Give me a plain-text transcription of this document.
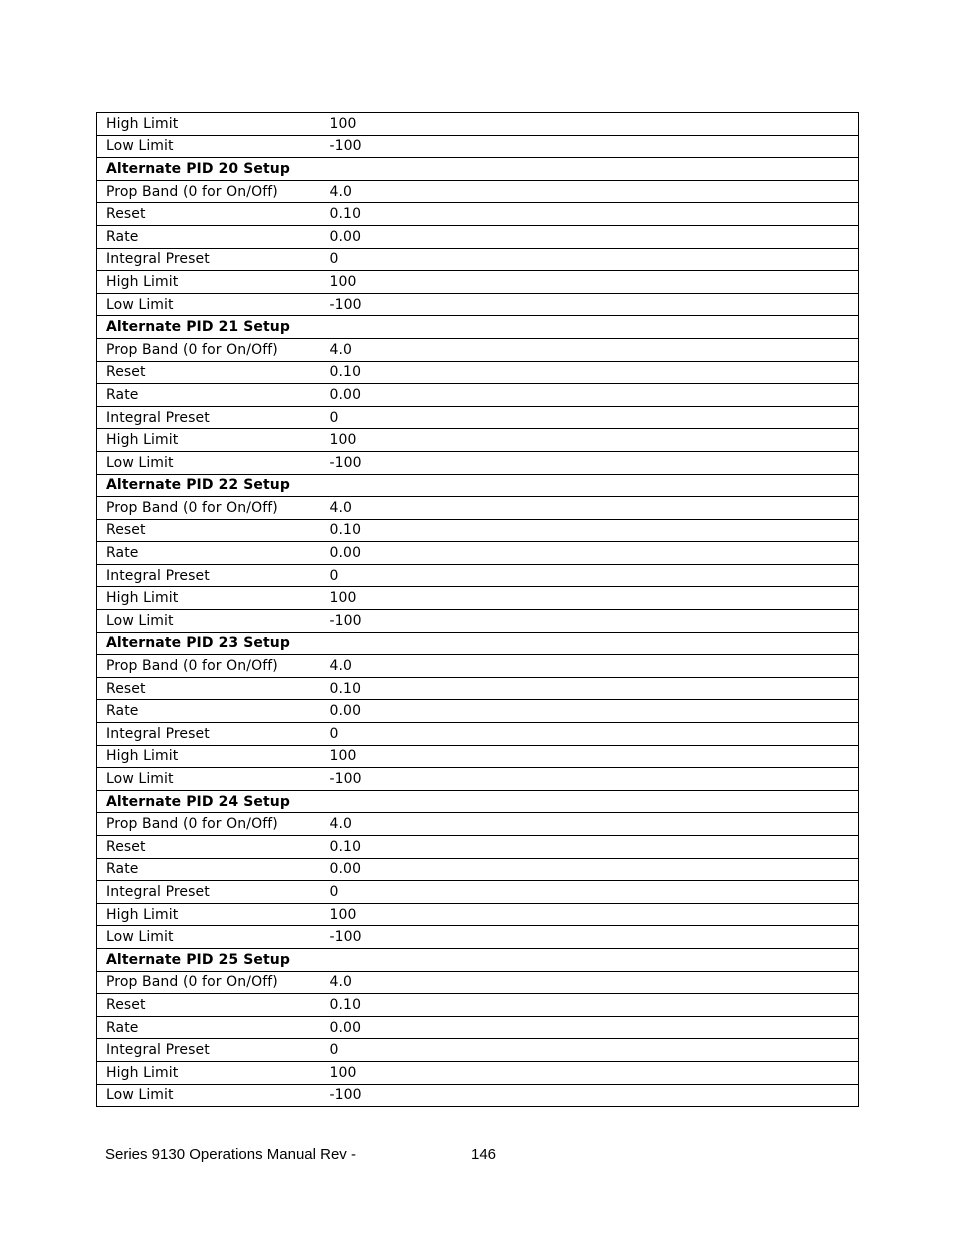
High Limit	100
Low Limit	-100
Alternate PID 20 Setup	
Prop Band (0 for On/Off)	4.0
Reset	0.10
Rate	0.00
Integral Preset	0
High Limit	100
Low Limit	-100
Alternate PID 21 Setup	
Prop Band (0 for On/Off)	4.0
Reset	0.10
Rate	0.00
Integral Preset	0
High Limit	100
Low Limit	-100
Alternate PID 22 Setup	
Prop Band (0 for On/Off)	4.0
Reset	0.10
Rate	0.00
Integral Preset	0
High Limit	100
Low Limit	-100
Alternate PID 23 Setup	
Prop Band (0 for On/Off)	4.0
Reset	0.10
Rate	0.00
Integral Preset	0
High Limit	100
Low Limit	-100
Alternate PID 24 Setup	
Prop Band (0 for On/Off)	4.0
Reset	0.10
Rate	0.00
Integral Preset	0
High Limit	100
Low Limit	-100
Alternate PID 25 Setup	
Prop Band (0 for On/Off)	4.0
Reset	0.10
Rate	0.00
Integral Preset	0
High Limit	100
Low Limit	-100
Series 9130 Operations Manual Rev -	146
